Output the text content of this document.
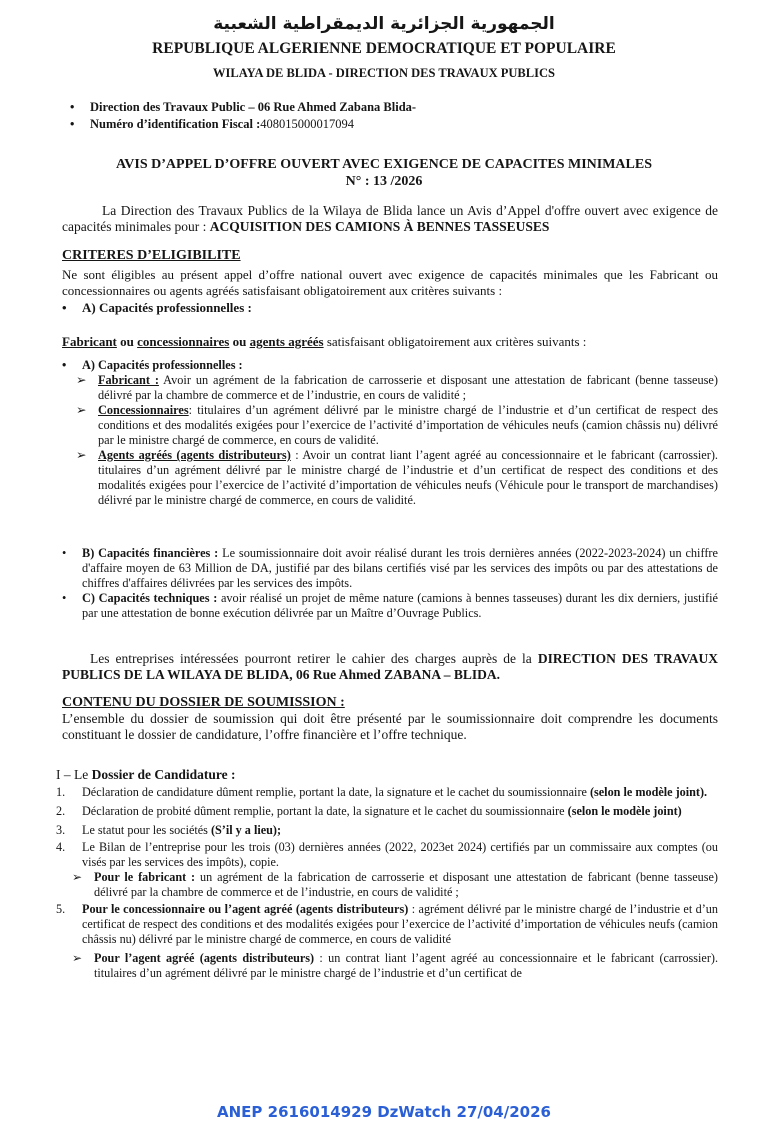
الجمهورية الجزائرية الديمقراطية الشعبية
REPUBLIQUE ALGERIENNE DEMOCRATIQUE ET POPULAIRE
WILAYA DE BLIDA - DIRECTION DES TRAVAUX PUBLICS
•	Direction des Travaux Public – 06 Rue Ahmed Zabana Blida-
•	Numéro d’identification Fiscal : 408015000017094
AVIS D’APPEL D’OFFRE OUVERT AVEC EXIGENCE DE CAPACITES MINIMALES
N° : 13 /2026
La Direction des Travaux Publics de la Wilaya de Blida lance un Avis d’Appel d'offre ouvert avec exigence de capacités minimales pour : ACQUISITION DES CAMIONS À BENNES TASSEUSES
CRITERES D’ELIGIBILITE
Ne sont éligibles au présent appel d’offre national ouvert avec exigence de capacités minimales que les Fabricant ou concessionnaires ou agents agréés satisfaisant obligatoirement aux critères suivants :
•	A) Capacités professionnelles :
Fabricant ou concessionnaires ou agents agréés satisfaisant obligatoirement aux critères suivants :
•	A) Capacités professionnelles :
➢ Fabricant : Avoir un agrément de la fabrication de carrosserie et disposant une attestation de fabricant (benne tasseuse) délivré par la chambre de commerce et de l’industrie, en cours de validité ;
➢ Concessionnaires: titulaires d’un agrément délivré par le ministre chargé de l’industrie et d’un certificat de respect des conditions et des modalités exigées pour l’exercice de l’activité d’importation de véhicules neufs (camion châssis nu) délivré par le ministre chargé de commerce, en cours de validité.
➢ Agents agréés (agents distributeurs) : Avoir un contrat liant l’agent agréé au concessionnaire et le fabricant (carrossier). titulaires d’un agrément délivré par le ministre chargé de l’industrie et d’un certificat de respect des conditions et des modalités exigées pour l’exercice de l’activité d’importation de véhicules neufs (Véhicule pour le transport de marchandises) délivré par le ministre chargé de commerce, en cours de validité.
•	B) Capacités financières : Le soumissionnaire doit avoir réalisé durant les trois dernières années (2022-2023-2024) un chiffre d'affaire moyen de 63 Million de DA, justifié par des bilans certifiés visé par les services des impôts ou par des attestations de chiffres d'affaires délivrées par les services des impôts.
•	C) Capacités techniques : avoir réalisé un projet de même nature (camions à bennes tasseuses) durant les dix derniers, justifié par une attestation de bonne exécution délivrée par un Maître d’Ouvrage Publics.
Les entreprises intéressées pourront retirer le cahier des charges auprès de la DIRECTION DES TRAVAUX PUBLICS DE LA WILAYA DE BLIDA, 06 Rue Ahmed ZABANA – BLIDA.
CONTENU DU DOSSIER DE SOUMISSION :
L’ensemble du dossier de soumission qui doit être présenté par le soumissionnaire doit comprendre les documents constituant le dossier de candidature, l’offre financière et l’offre technique.
I – Le Dossier de Candidature :
1.	Déclaration de candidature dûment remplie, portant la date, la signature et le cachet du soumissionnaire (selon le modèle joint).
2.	Déclaration de probité dûment remplie, portant la date, la signature et le cachet du soumissionnaire (selon le modèle joint)
3.	Le statut pour les sociétés (S’il y a lieu);
4.	Le Bilan de l’entreprise pour les trois (03) dernières années (2022, 2023et 2024) certifiés par un commissaire aux comptes (ou visés par les services des impôts), copie.
➢ Pour le fabricant : un agrément de la fabrication de carrosserie et disposant une attestation de fabricant (benne tasseuse) délivré par la chambre de commerce et de l’industrie, en cours de validité ;
5.	Pour le concessionnaire ou l’agent agréé (agents distributeurs) : agrément délivré par le ministre chargé de l’industrie et d’un certificat de respect des conditions et des modalités exigées pour l’exercice de l’activité d’importation de véhicules neufs (camion châssis nu) délivré par le ministre chargé de commerce, en cours de validité
➢ Pour l’agent agréé (agents distributeurs) : un contrat liant l’agent agréé au concessionnaire et le fabricant (carrossier). titulaires d’un agrément délivré par le ministre chargé de l’industrie et d’un certificat de
ANEP 2616014929 DzWatch 27/04/2026
